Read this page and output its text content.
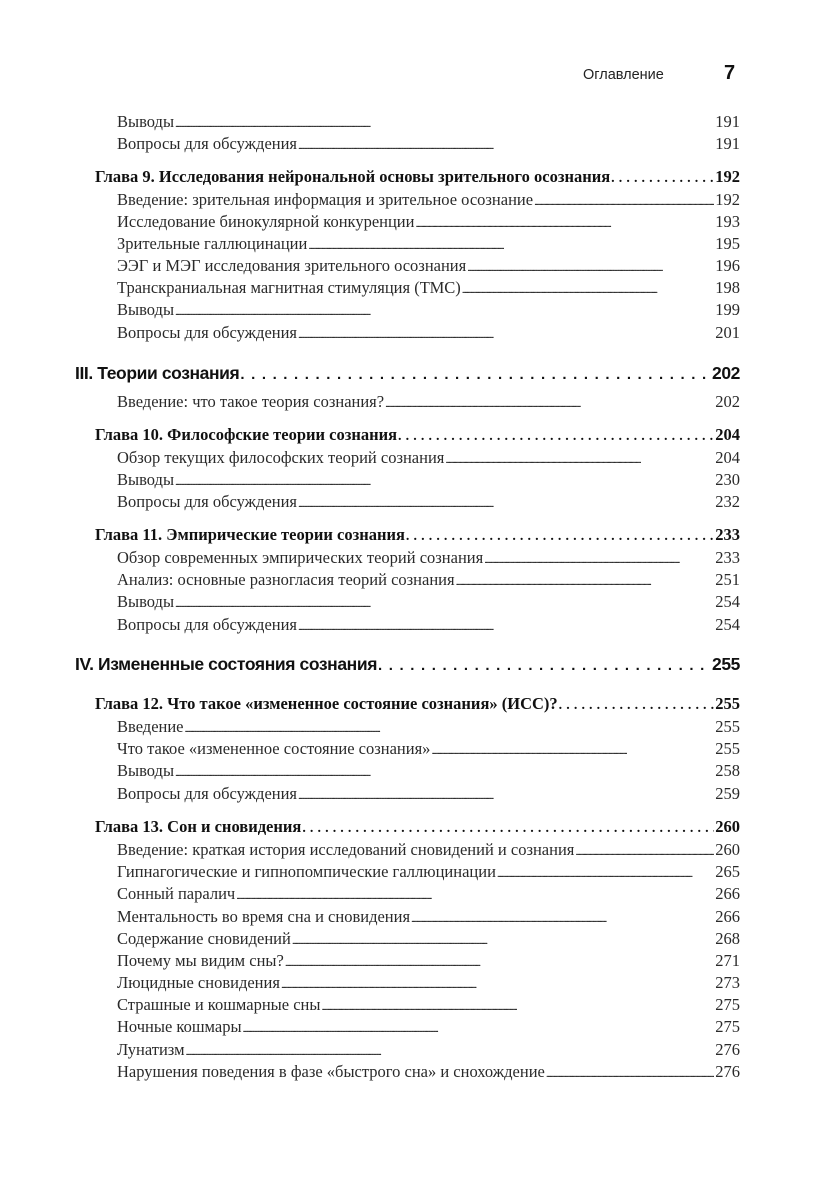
Оглавление	7
Выводы . . .	191
Вопросы для обсуждения . . .	191
Глава 9. Исследования нейрональной основы зрительного осознания . . .	192
Введение: зрительная информация и зрительное осознание . . .	192
Исследование бинокулярной конкуренции . . .	193
Зрительные галлюцинации . . .	195
ЭЭГ и МЭГ исследования зрительного осознания . . .	196
Транскраниальная магнитная стимуляция (ТМС) . . .	198
Выводы . . .	199
Вопросы для обсуждения . . .	201
III. Теории сознания . . .	202
Введение: что такое теория сознания? . . .	202
Глава 10. Философские теории сознания . . .	204
Обзор текущих философских теорий сознания . . .	204
Выводы . . .	230
Вопросы для обсуждения . . .	232
Глава 11. Эмпирические теории сознания . . .	233
Обзор современных эмпирических теорий сознания . . .	233
Анализ: основные разногласия теорий сознания . . .	251
Выводы . . .	254
Вопросы для обсуждения . . .	254
IV. Измененные состояния сознания . . .	255
Глава 12. Что такое «измененное состояние сознания» (ИСС)? . . .	255
Введение . . .	255
Что такое «измененное состояние сознания» . . .	255
Выводы . . .	258
Вопросы для обсуждения . . .	259
Глава 13. Сон и сновидения . . .	260
Введение: краткая история исследований сновидений и сознания . . .	260
Гипнагогические и гипнопомпические галлюцинации . . .	265
Сонный паралич . . .	266
Ментальность во время сна и сновидения . . .	266
Содержание сновидений . . .	268
Почему мы видим сны? . . .	271
Люцидные сновидения . . .	273
Страшные и кошмарные сны . . .	275
Ночные кошмары . . .	275
Лунатизм . . .	276
Нарушения поведения в фазе «быстрого сна» и снохождение . . .	276
